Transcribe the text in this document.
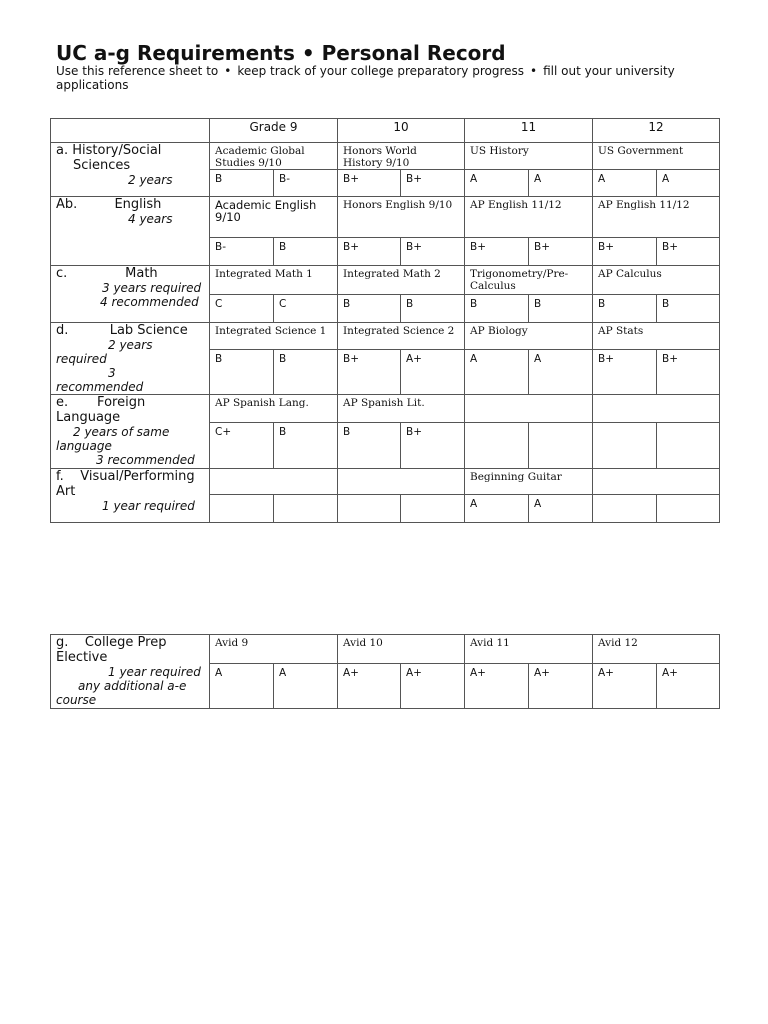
UC a-g Requirements • Personal Record
Use this reference sheet to • keep track of your college preparatory progress • fill out your university applications
	Grade 9		10		11		12	

a. History/Social
Sciences
2 years	Academic Global Studies 9/10		Honors World History 9/10		US History		US Government	
	B	B-	B+	B+	A	A	A	A

Ab.         English
4 years	Academic English 9/10		Honors English 9/10		AP English 11/12		AP English 11/12	
	B-	B	B+	B+	B+	B+	B+	B+

c.              Math
3 years required
4 recommended	Integrated Math 1		Integrated Math 2		Trigonometry/Pre-Calculus		AP Calculus	
	C	C	B	B	B	B	B	B

d.          Lab Science
2 years
required
3
recommended	Integrated Science 1		Integrated Science 2		AP Biology		AP Stats	
	B	B	B+	A+	A	A	B+	B+

e.       Foreign
Language
2 years of same
language
3 recommended	AP Spanish Lang.		AP Spanish Lit.					
	C+	B	B	B+				

f.    Visual/Performing
Art
1 year required					Beginning Guitar			
					A	A		
g.    College Prep
Elective
1 year required
any additional a-e
course	Avid 9		Avid 10		Avid 11		Avid 12	
	A	A	A+	A+	A+	A+	A+	A+
